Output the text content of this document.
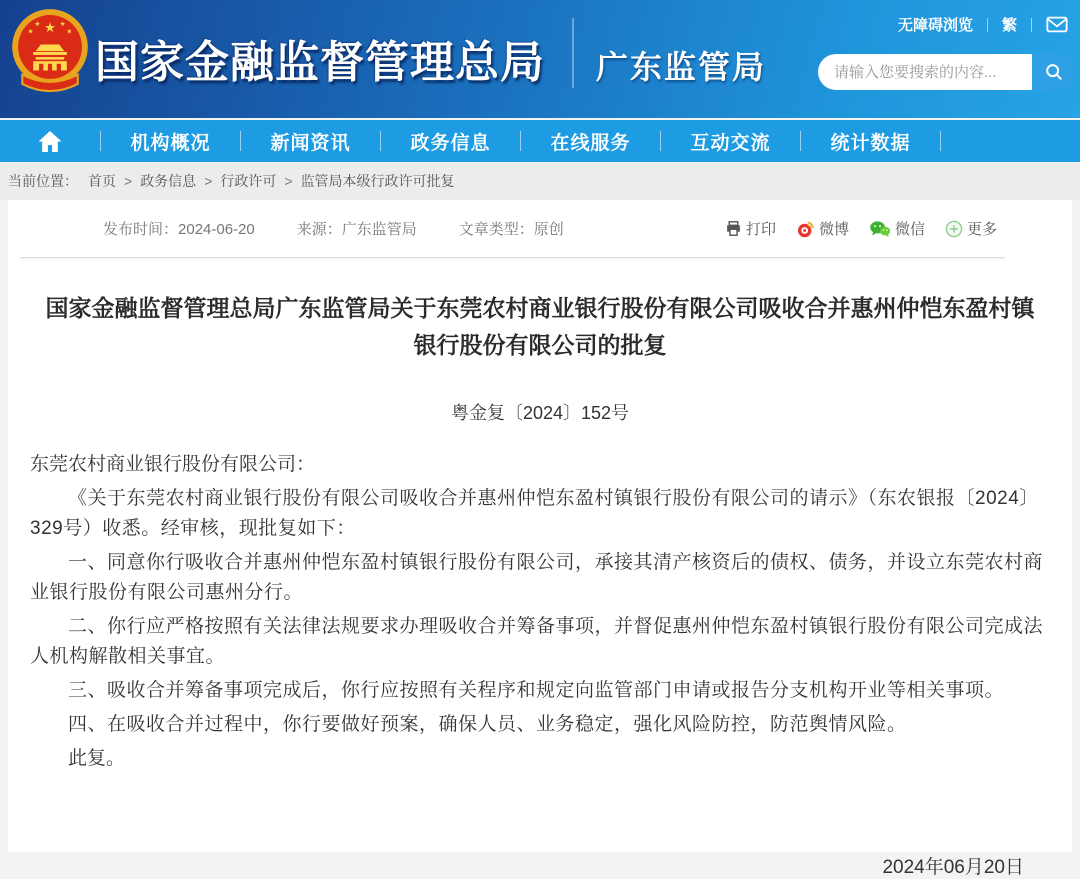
★
★ ★
★	★
国家金融监督管理总局 广东监管局
无障碍浏览 繁
请输入您要搜索的内容...
机构概况	新闻资讯	政务信息	在线服务	互动交流	统计数据
当前位置： 首页 > 政务信息 > 行政许可 > 监管局本级行政许可批复
发布时间：2024-06-20	来源：广东监管局	文章类型：原创	打印	微博	微信	更多
国家金融监督管理总局广东监管局关于东莞农村商业银行股份有限公司吸收合并惠州仲恺东盈村镇银行股份有限公司的批复
粤金复〔2024〕152号

东莞农村商业银行股份有限公司：

《关于东莞农村商业银行股份有限公司吸收合并惠州仲恺东盈村镇银行股份有限公司的请示》（东农银报〔2024〕329号）收悉。经审核，现批复如下：

一、同意你行吸收合并惠州仲恺东盈村镇银行股份有限公司，承接其清产核资后的债权、债务，并设立东莞农村商业银行股份有限公司惠州分行。

二、你行应严格按照有关法律法规要求办理吸收合并筹备事项，并督促惠州仲恺东盈村镇银行股份有限公司完成法人机构解散相关事宜。

三、吸收合并筹备事项完成后，你行应按照有关程序和规定向监管部门申请或报告分支机构开业等相关事项。

四、在吸收合并过程中，你行要做好预案，确保人员、业务稳定，强化风险防控，防范舆情风险。

此复。

2024年06月20日
